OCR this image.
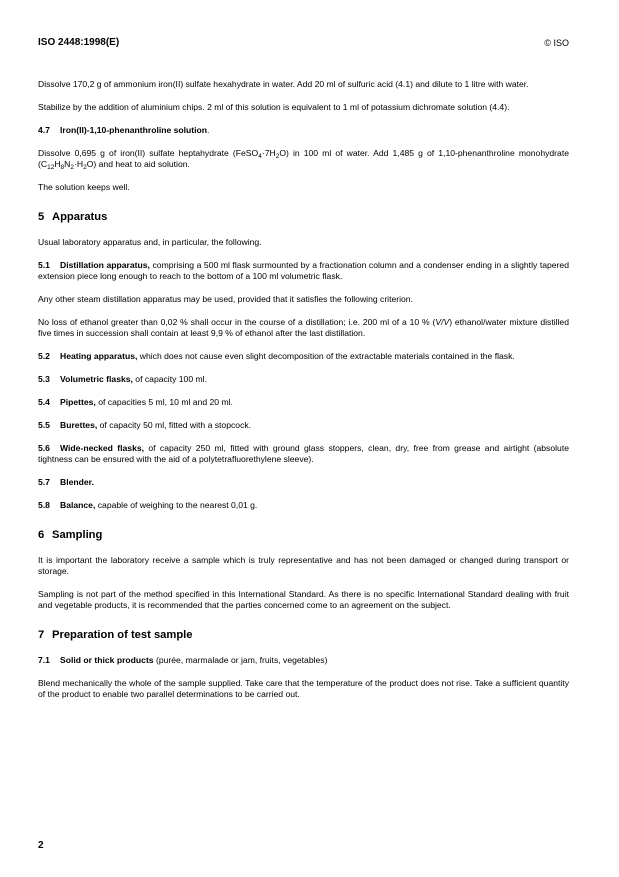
ISO 2448:1998(E)	© ISO

Dissolve 170,2 g of ammonium iron(II) sulfate hexahydrate in water. Add 20 ml of sulfuric acid (4.1) and dilute to 1 litre with water.

Stabilize by the addition of aluminium chips. 2 ml of this solution is equivalent to 1 ml of potassium dichromate solution (4.4).

4.7 Iron(II)-1,10-phenanthroline solution.

Dissolve 0,695 g of iron(II) sulfate heptahydrate $(FeSO_4\cdot 7H_2O)$ in 100 ml of water. Add 1,485 g of 1,10-phenanthroline monohydrate $(C_{12}H_8N_2\cdot H_2O)$ and heat to aid solution.

The solution keeps well.

5 Apparatus

Usual laboratory apparatus and, in particular, the following.

5.1 Distillation apparatus, comprising a 500 ml flask surmounted by a fractionation column and a condenser ending in a slightly tapered extension piece long enough to reach to the bottom of a 100 ml volumetric flask.

Any other steam distillation apparatus may be used, provided that it satisfies the following criterion.

No loss of ethanol greater than 0,02 % shall occur in the course of a distillation; i.e. 200 ml of a 10 % (V/V) ethanol/water mixture distilled five times in succession shall contain at least 9,9 % of ethanol after the last distillation.

5.2 Heating apparatus, which does not cause even slight decomposition of the extractable materials contained in the flask.

5.3 Volumetric flasks, of capacity 100 ml.

5.4 Pipettes, of capacities 5 ml, 10 ml and 20 ml.

5.5 Burettes, of capacity 50 ml, fitted with a stopcock.

5.6 Wide-necked flasks, of capacity 250 ml, fitted with ground glass stoppers, clean, dry, free from grease and airtight (absolute tightness can be ensured with the aid of a polytetrafluorethylene sleeve).

5.7 Blender.

5.8 Balance, capable of weighing to the nearest 0,01 g.

6 Sampling

It is important the laboratory receive a sample which is truly representative and has not been damaged or changed during transport or storage.

Sampling is not part of the method specified in this International Standard. As there is no specific International Standard dealing with fruit and vegetable products, it is recommended that the parties concerned come to an agreement on the subject.

7 Preparation of test sample

7.1 Solid or thick products (purée, marmalade or jam, fruits, vegetables)

Blend mechanically the whole of the sample supplied. Take care that the temperature of the product does not rise. Take a sufficient quantity of the product to enable two parallel determinations to be carried out.

2
